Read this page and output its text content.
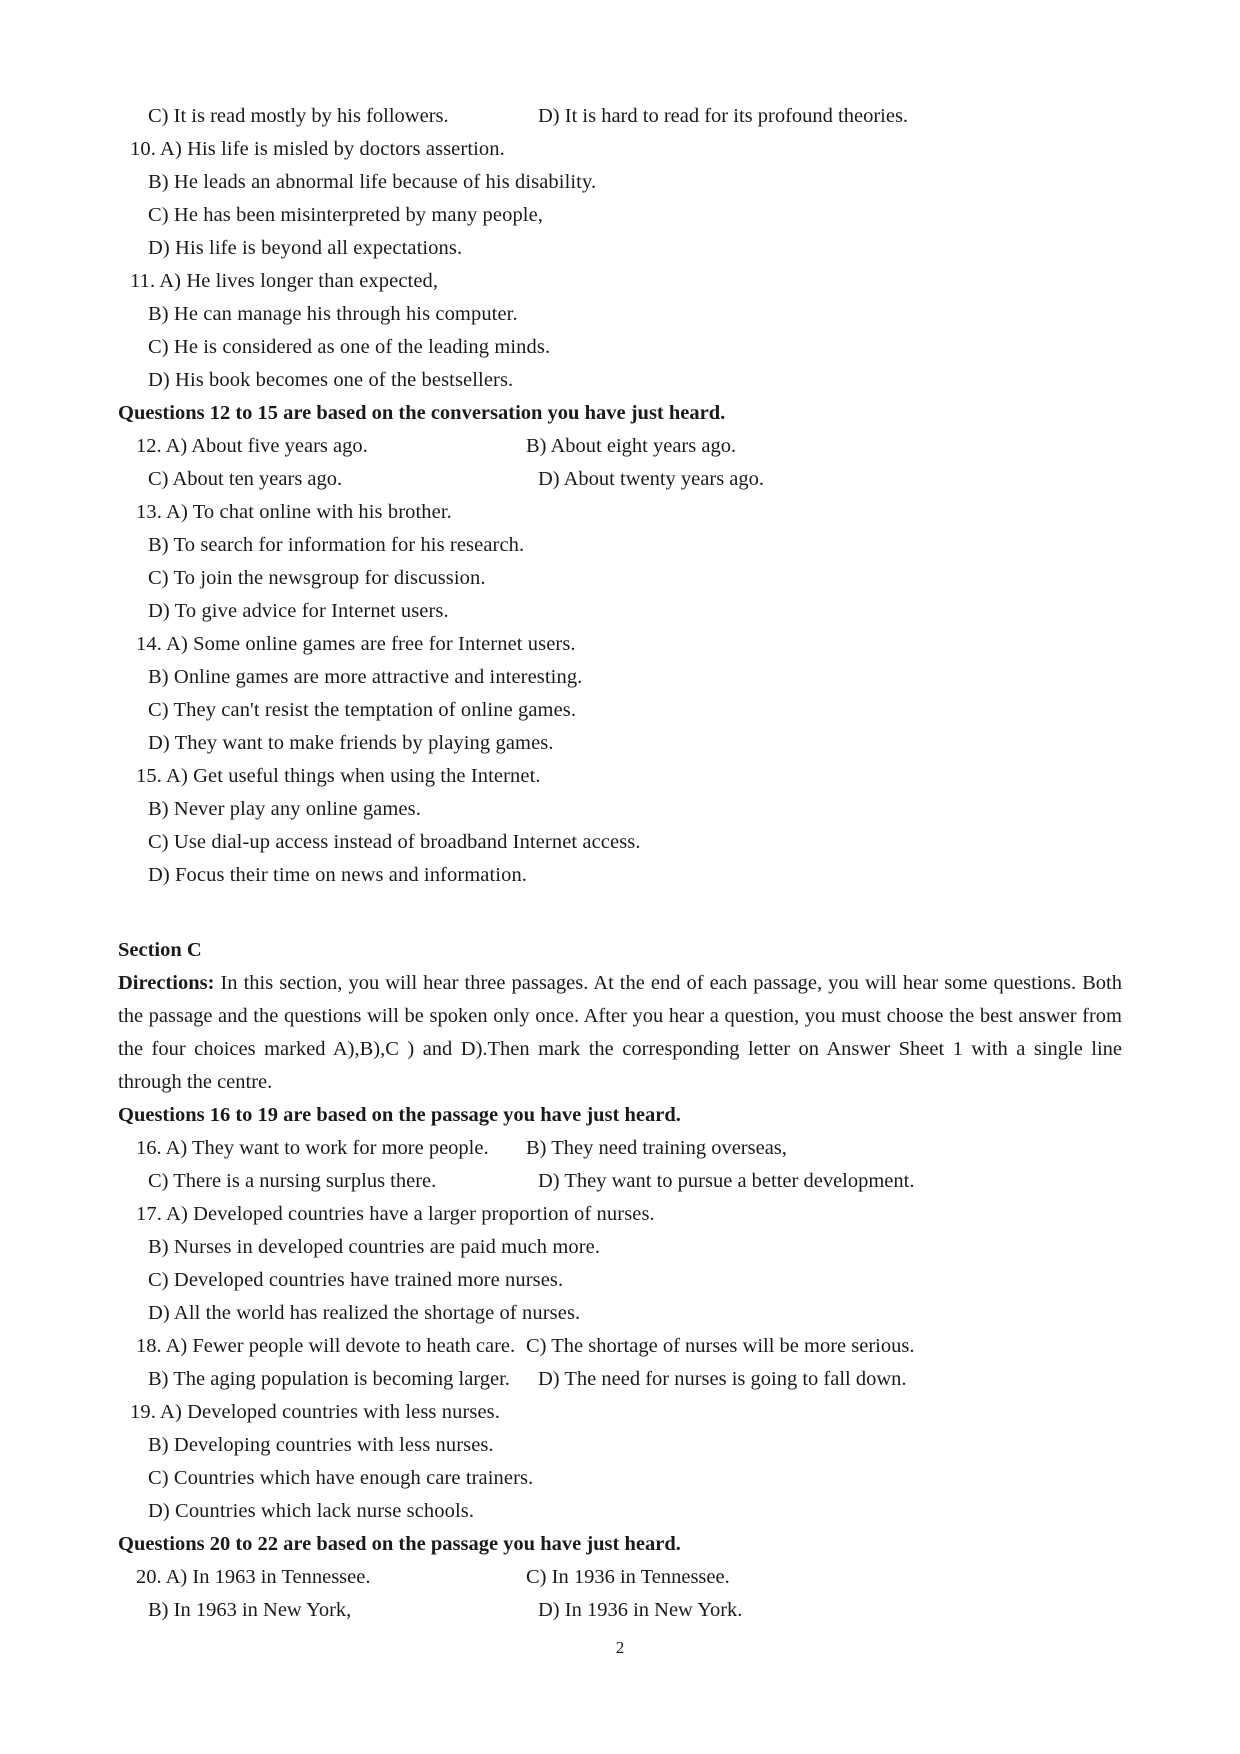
C) It is read mostly by his followers.	D) It is hard to read for its profound theories.
10. A) His life is misled by doctors assertion.
B) He leads an abnormal life because of his disability.
C) He has been misinterpreted by many people,
D) His life is beyond all expectations.
11. A) He lives longer than expected,
B) He can manage his through his computer.
C) He is considered as one of the leading minds.
D) His book becomes one of the bestsellers.
Questions 12 to 15 are based on the conversation you have just heard.
12. A) About five years ago.	B) About eight years ago.
C) About ten years ago.	D) About twenty years ago.
13. A) To chat online with his brother.
B) To search for information for his research.
C) To join the newsgroup for discussion.
D) To give advice for Internet users.
14. A) Some online games are free for Internet users.
B) Online games are more attractive and interesting.
C) They can't resist the temptation of online games.
D) They want to make friends by playing games.
15. A) Get useful things when using the Internet.
B) Never play any online games.
C) Use dial-up access instead of broadband Internet access.
D) Focus their time on news and information.
Section C

Directions: In this section, you will hear three passages. At the end of each passage, you will hear some questions. Both the passage and the questions will be spoken only once. After you hear a question, you must choose the best answer from the four choices marked A),B),C ) and D).Then mark the corresponding letter on Answer Sheet 1 with a single line through the centre.

Questions 16 to 19 are based on the passage you have just heard.
16. A) They want to work for more people.	B) They need training overseas,
C) There is a nursing surplus there.	D) They want to pursue a better development.
17. A) Developed countries have a larger proportion of nurses.
B) Nurses in developed countries are paid much more.
C) Developed countries have trained more nurses.
D) All the world has realized the shortage of nurses.
18. A) Fewer people will devote to heath care. C) The shortage of nurses will be more serious.
B) The aging population is becoming larger.	D) The need for nurses is going to fall down.
19. A) Developed countries with less nurses.
B) Developing countries with less nurses.
C) Countries which have enough care trainers.
D) Countries which lack nurse schools.
Questions 20 to 22 are based on the passage you have just heard.
20. A) In 1963 in Tennessee.	C) In 1936 in Tennessee.
B) In 1963 in New York,	D) In 1936 in New York.
2
